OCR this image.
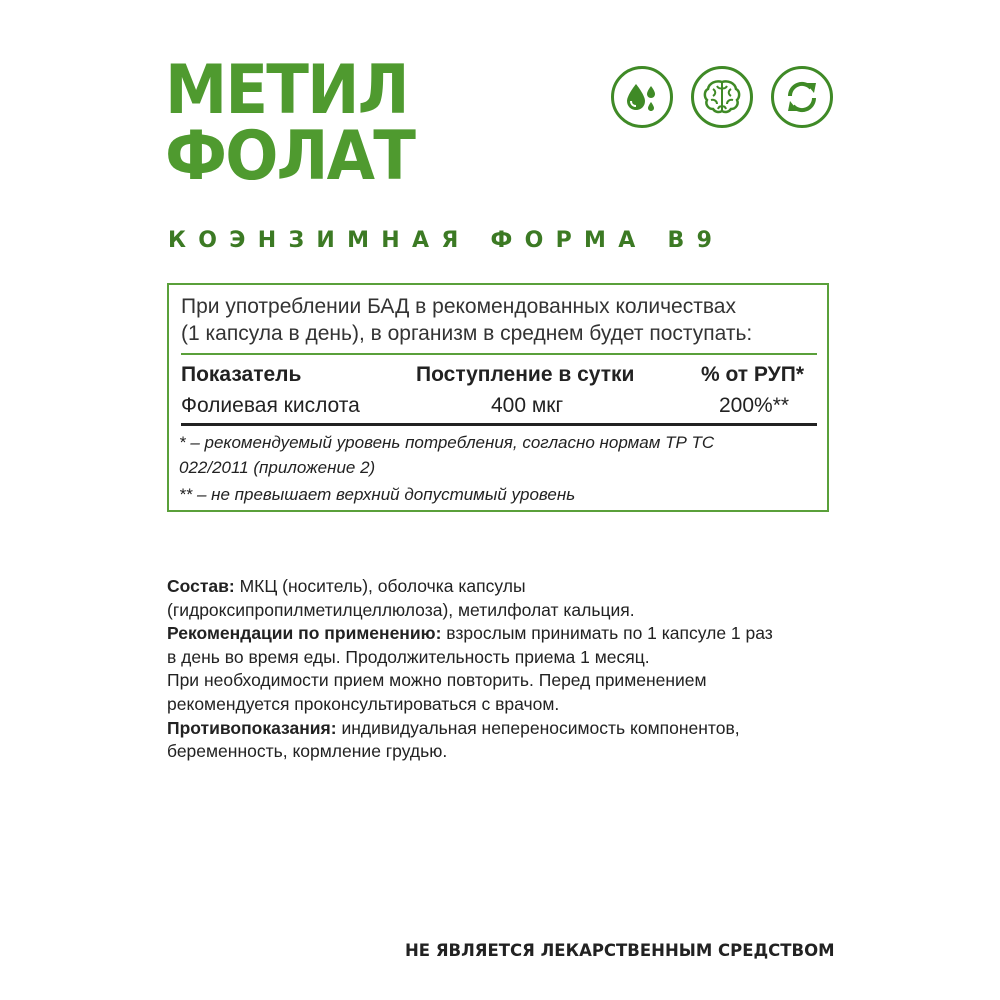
МЕТИЛ
ФОЛАТ
КОЭНЗИМНАЯ ФОРМА В9
При употреблении БАД в рекомендованных количествах
(1 капсула в день), в организм в среднем будет поступать:
Показатель	Поступление в сутки	% от РУП*
Фолиевая кислота	400 мкг	200%**
* – рекомендуемый уровень потребления, согласно нормам ТР ТС
022/2011 (приложение 2)
** – не превышает верхний допустимый уровень
Состав: МКЦ (носитель), оболочка капсулы
(гидроксипропилметилцеллюлоза), метилфолат кальция.
Рекомендации по применению: взрослым принимать по 1 капсуле 1 раз
в день во время еды. Продолжительность приема 1 месяц.
При необходимости прием можно повторить. Перед применением
рекомендуется проконсультироваться с врачом.
Противопоказания: индивидуальная непереносимость компонентов,
беременность, кормление грудью.
НЕ ЯВЛЯЕТСЯ ЛЕКАРСТВЕННЫМ СРЕДСТВОМ
